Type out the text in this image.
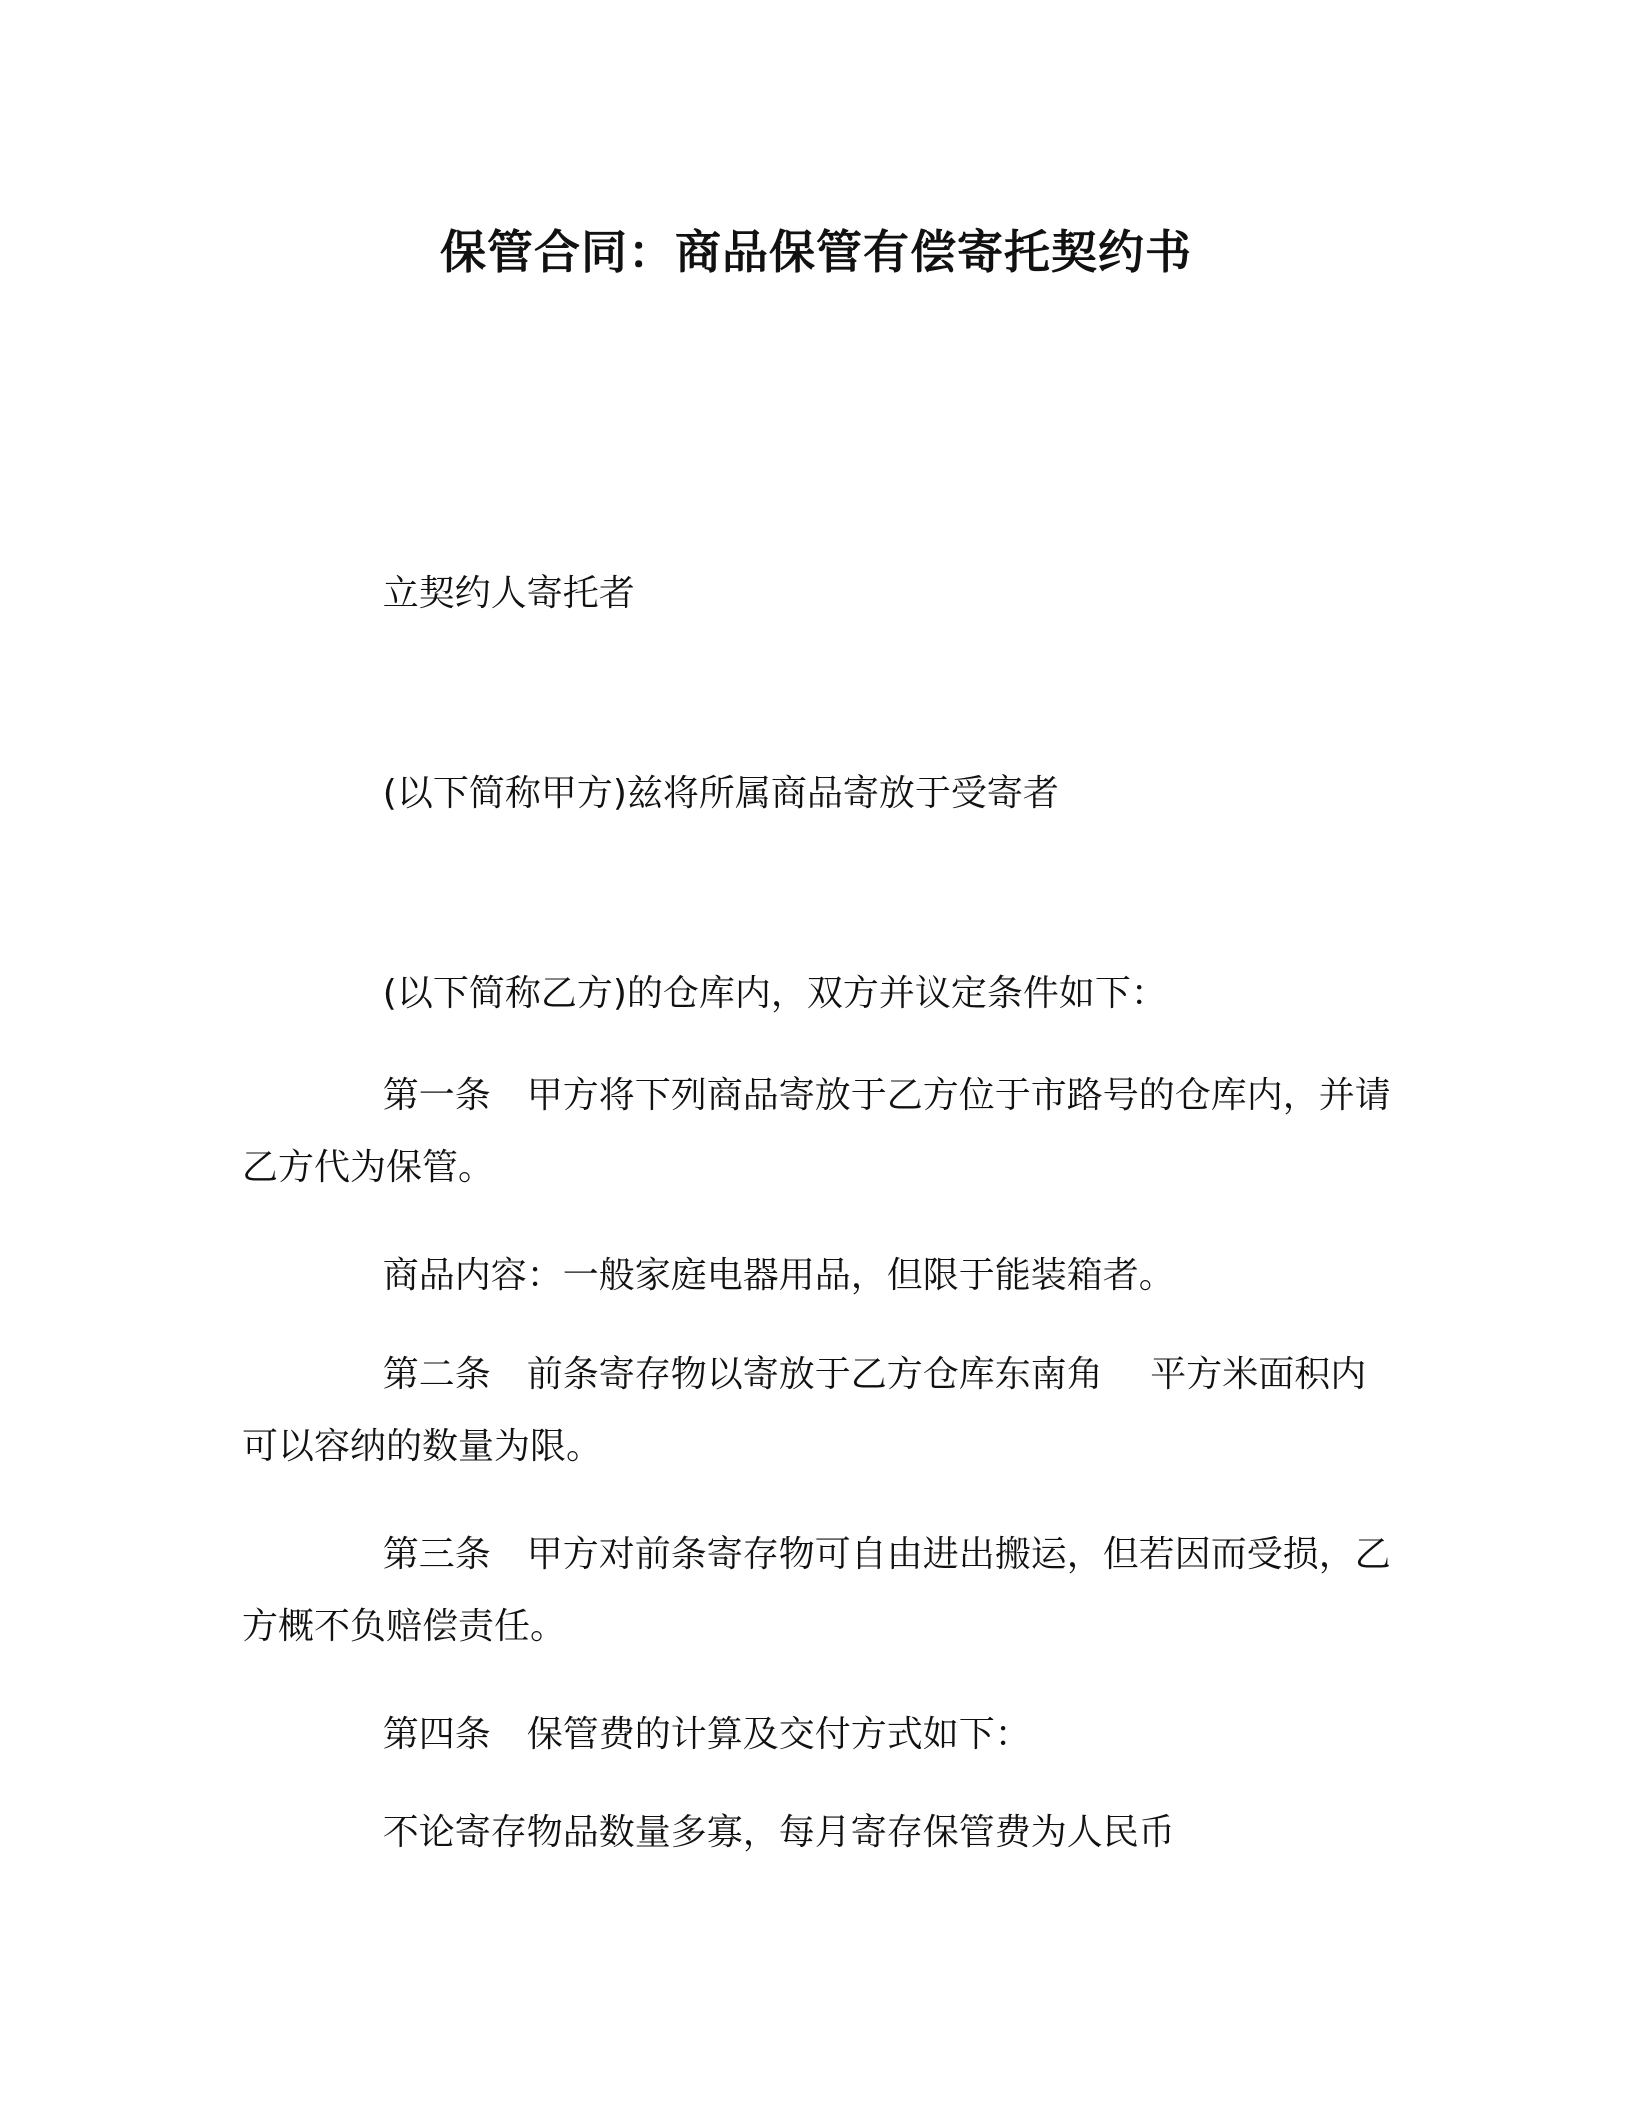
保管合同：商品保管有偿寄托契约书

立契约人寄托者

(以下简称甲方)兹将所属商品寄放于受寄者

(以下简称乙方)的仓库内，双方并议定条件如下：

第一条　甲方将下列商品寄放于乙方位于市路号的仓库内，并请乙方代为保管。

商品内容：一般家庭电器用品，但限于能装箱者。

第二条　前条寄存物以寄放于乙方仓库东南角　 平方米面积内可以容纳的数量为限。

第三条　甲方对前条寄存物可自由进出搬运，但若因而受损，乙方概不负赔偿责任。

第四条　保管费的计算及交付方式如下：

不论寄存物品数量多寡，每月寄存保管费为人民币
